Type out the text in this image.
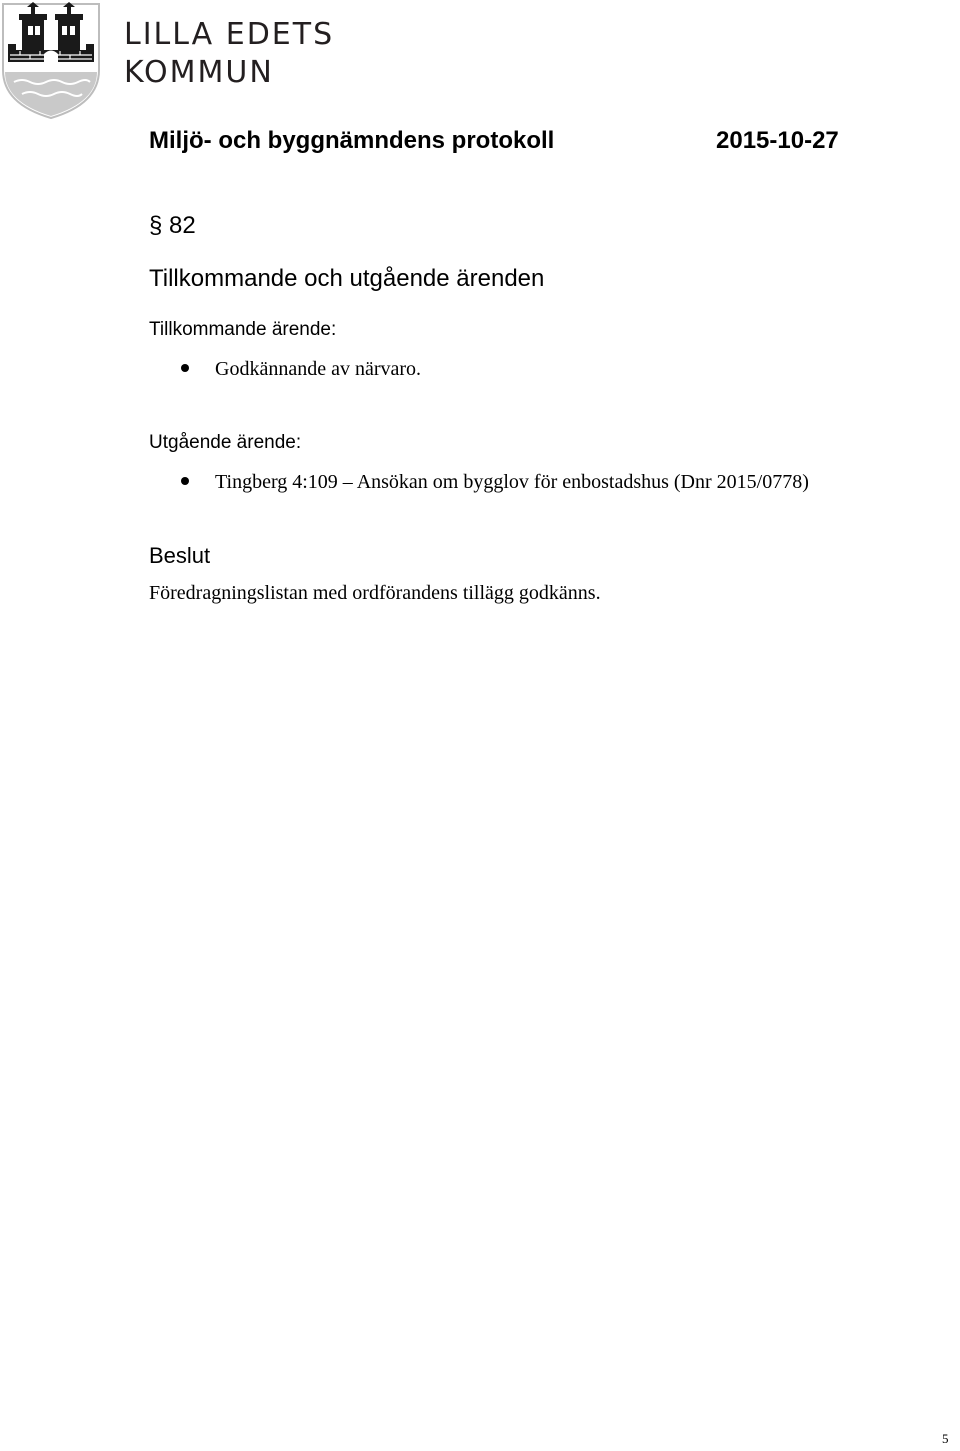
LILLA EDETS
KOMMUN
Miljö- och byggnämndens protokoll	2015-10-27
§ 82
Tillkommande och utgående ärenden
Tillkommande ärende:
Godkännande av närvaro.
Utgående ärende:
Tingberg 4:109 – Ansökan om bygglov för enbostadshus (Dnr 2015/0778)
Beslut
Föredragningslistan med ordförandens tillägg godkänns.
5
